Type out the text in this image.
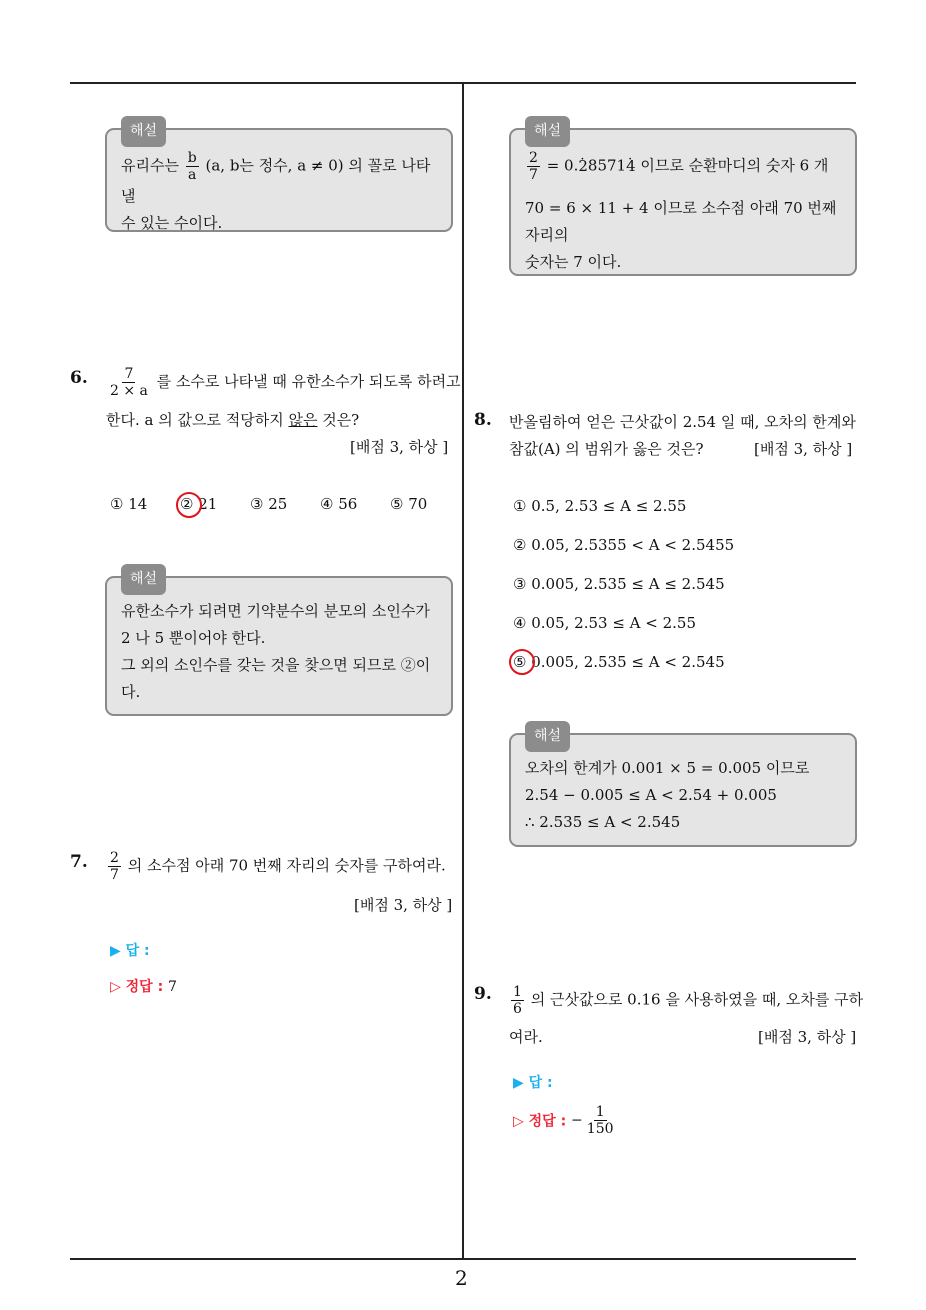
2
해설
유리수는 $\frac{b}{a} (a$, b는 정수, a ≠ 0) 의 꼴로 나타낼
수 있는 수이다.
6. $\frac{7}{2 \times a}$ 를 소수로 나타낼 때 유한소수가 되도록 하려고
한다. a 의 값으로 적당하지 않은 것은?
[배점 3, 하상 ]
① 14 ② 21 ③ 25 ④ 56 ⑤ 70
해설
유한소수가 되려면 기약분수의 분모의 소인수가
2 나 5 뿐이어야 한다.
그 외의 소인수를 갖는 것을 찾으면 되므로 ②이
다.
7. $\frac{2}{7}$ 의 소수점 아래 70 번째 자리의 숫자를 구하여라.
[배점 3, 하상 ]
▶ 답 :
▷ 정답 : 7
해설
$\frac{2}{7} = 0.\cdot 28571\cdot 4$ 이므로 순환마디의 숫자 6 개
70 = 6 × 11 + 4 이므로 소수점 아래 70 번째 자리의
숫자는 7 이다.
8. 반올림하여 얻은 근삿값이 2.54 일 때, 오차의 한계와
참값(A) 의 범위가 옳은 것은?	[배점 3, 하상 ]
① 0.5, 2.53 ≤ A ≤ 2.55
② 0.05, 2.5355 < A < 2.5455
③ 0.005, 2.535 ≤ A ≤ 2.545
④ 0.05, 2.53 ≤ A < 2.55
⑤ 0.005, 2.535 ≤ A < 2.545
해설
오차의 한계가 0.001 × 5 = 0.005 이므로
2.54 − 0.005 ≤ A < 2.54 + 0.005
∴ 2.535 ≤ A < 2.545
9. $\frac{1}{6}$ 의 근삿값으로 0.16 을 사용하였을 때, 오차를 구하
여라.	[배점 3, 하상 ]
▶ 답 :
▷ 정답 : − $\frac{1}{150}$
